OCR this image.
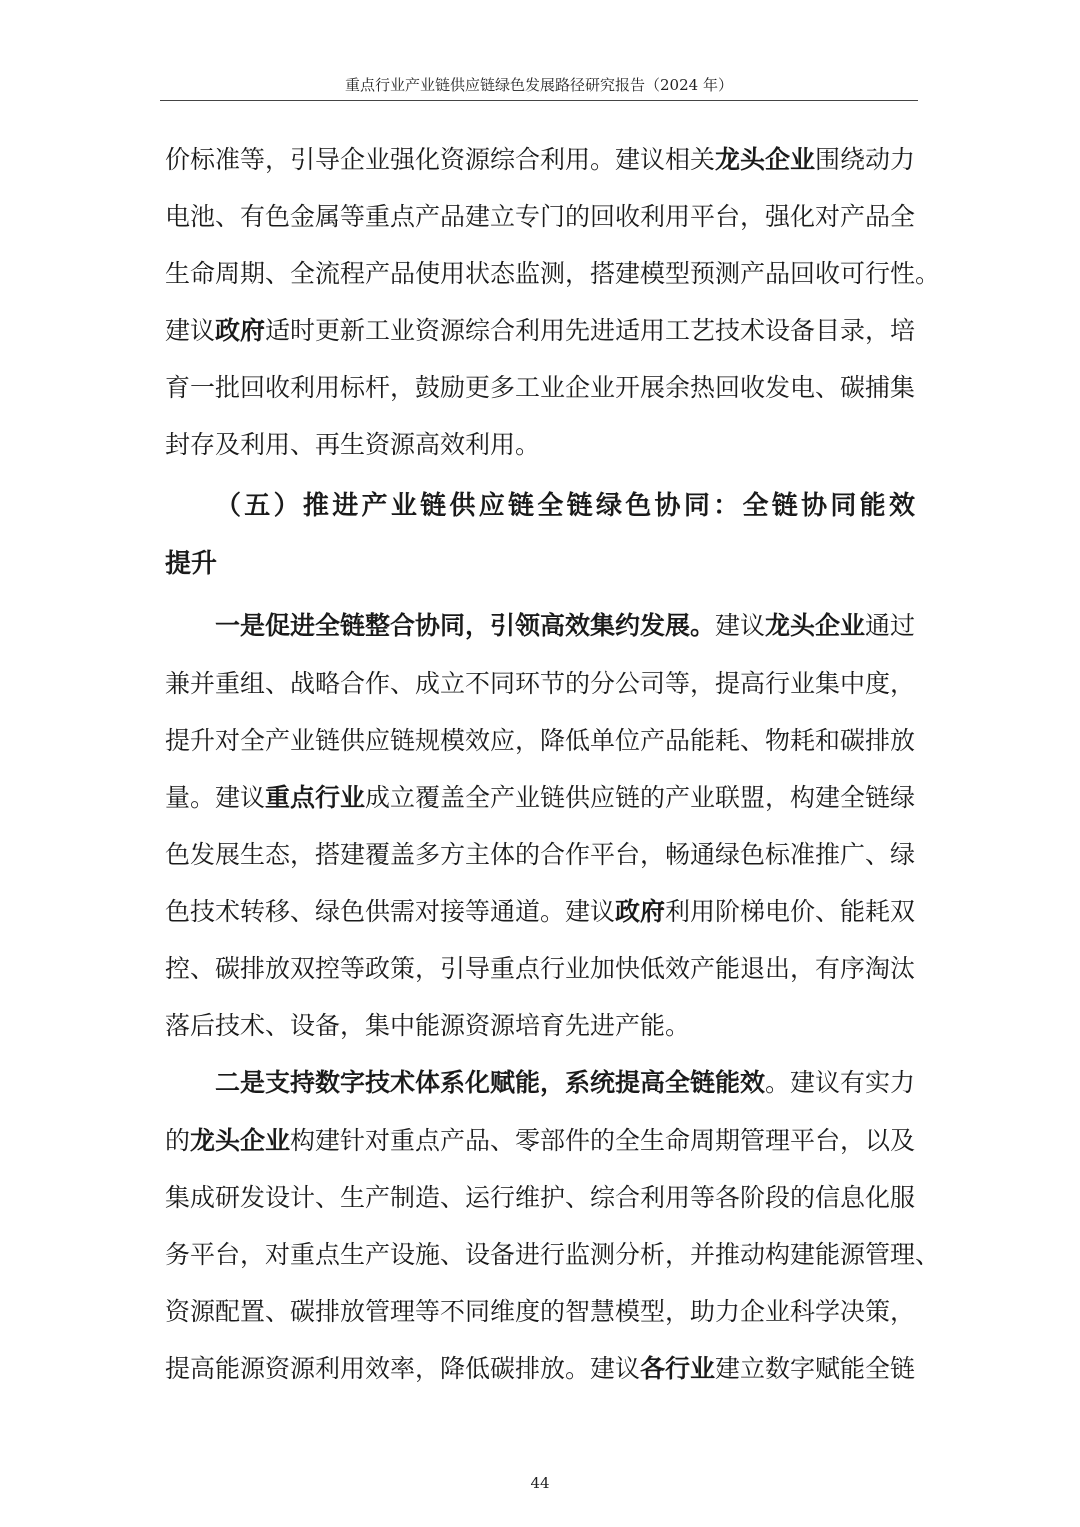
重点行业产业链供应链绿色发展路径研究报告（2024 年）
价标准等，引导企业强化资源综合利用。建议相关龙头企业围绕动力
电池、有色金属等重点产品建立专门的回收利用平台，强化对产品全
生命周期、全流程产品使用状态监测，搭建模型预测产品回收可行性。
建议政府适时更新工业资源综合利用先进适用工艺技术设备目录，培
育一批回收利用标杆，鼓励更多工业企业开展余热回收发电、碳捕集
封存及利用、再生资源高效利用。
（五）推进产业链供应链全链绿色协同：全链协同能效
提升
一是促进全链整合协同，引领高效集约发展。建议龙头企业通过
兼并重组、战略合作、成立不同环节的分公司等，提高行业集中度，
提升对全产业链供应链规模效应，降低单位产品能耗、物耗和碳排放
量。建议重点行业成立覆盖全产业链供应链的产业联盟，构建全链绿
色发展生态，搭建覆盖多方主体的合作平台，畅通绿色标准推广、绿
色技术转移、绿色供需对接等通道。建议政府利用阶梯电价、能耗双
控、碳排放双控等政策，引导重点行业加快低效产能退出，有序淘汰
落后技术、设备，集中能源资源培育先进产能。
二是支持数字技术体系化赋能，系统提高全链能效。建议有实力
的龙头企业构建针对重点产品、零部件的全生命周期管理平台，以及
集成研发设计、生产制造、运行维护、综合利用等各阶段的信息化服
务平台，对重点生产设施、设备进行监测分析，并推动构建能源管理、
资源配置、碳排放管理等不同维度的智慧模型，助力企业科学决策，
提高能源资源利用效率，降低碳排放。建议各行业建立数字赋能全链
44
